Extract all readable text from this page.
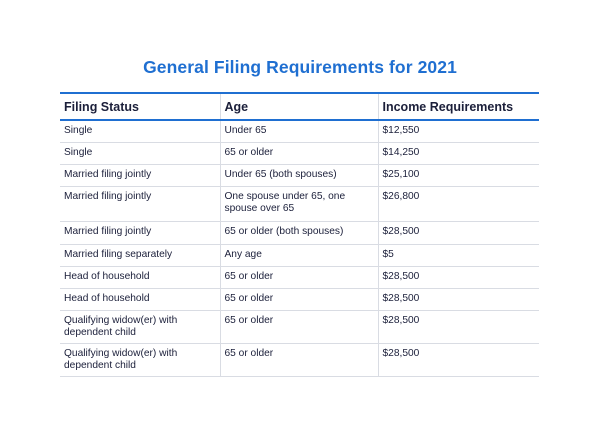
General Filing Requirements for 2021
Filing Status	Age	Income Requirements
Single	Under 65	$12,550
Single	65 or older	$14,250
Married filing jointly	Under 65 (both spouses)	$25,100
Married filing jointly	One spouse under 65, one spouse over 65	$26,800
Married filing jointly	65 or older (both spouses)	$28,500
Married filing separately	Any age	$5
Head of household	65 or older	$28,500
Head of household	65 or older	$28,500
Qualifying widow(er) with dependent child	65 or older	$28,500
Qualifying widow(er) with dependent child	65 or older	$28,500
